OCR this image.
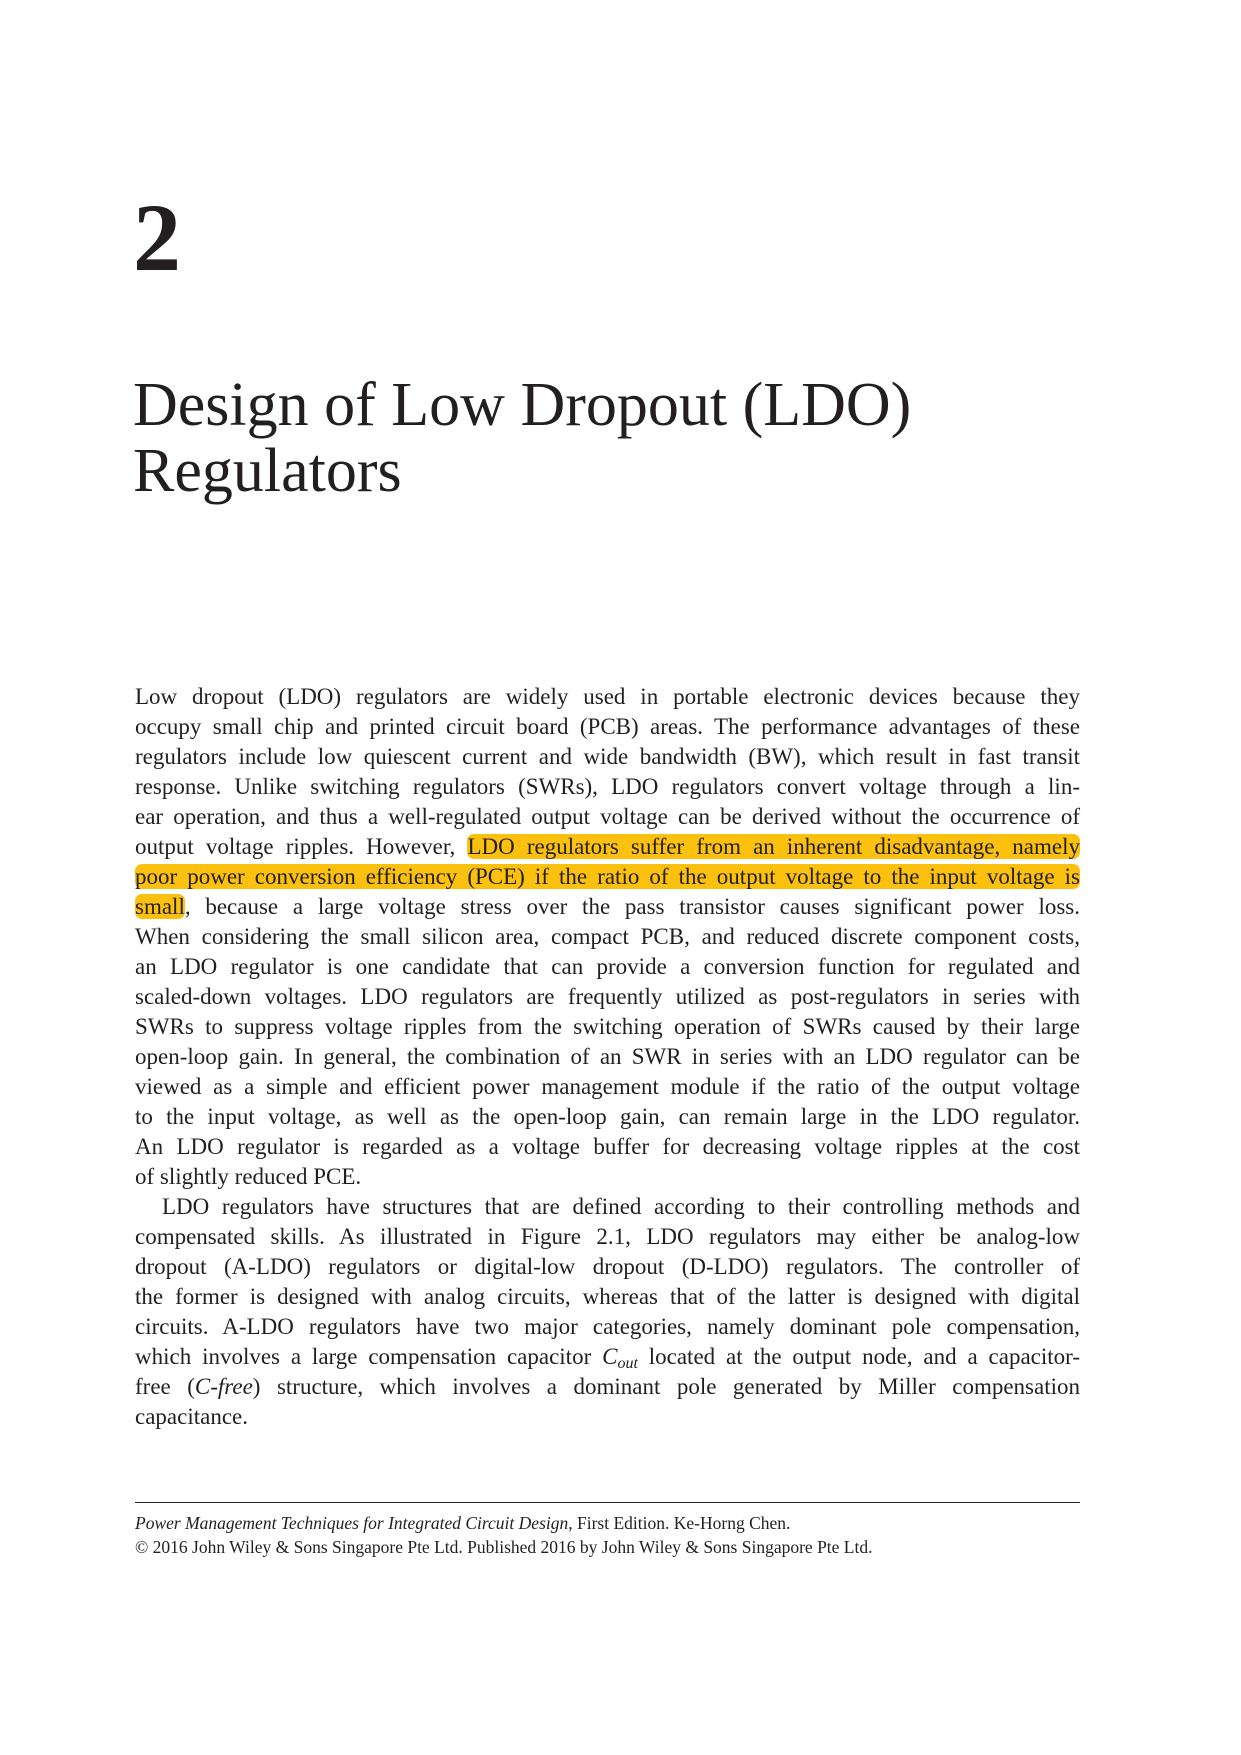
2
Design of Low Dropout (LDO)
Regulators

Low dropout (LDO) regulators are widely used in portable electronic devices because they
occupy small chip and printed circuit board (PCB) areas. The performance advantages of these
regulators include low quiescent current and wide bandwidth (BW), which result in fast transit
response. Unlike switching regulators (SWRs), LDO regulators convert voltage through a lin-
ear operation, and thus a well-regulated output voltage can be derived without the occurrence of
output voltage ripples. However, LDO regulators suffer from an inherent disadvantage, namely
poor power conversion efficiency (PCE) if the ratio of the output voltage to the input voltage is
small, because a large voltage stress over the pass transistor causes significant power loss.
When considering the small silicon area, compact PCB, and reduced discrete component costs,
an LDO regulator is one candidate that can provide a conversion function for regulated and
scaled-down voltages. LDO regulators are frequently utilized as post-regulators in series with
SWRs to suppress voltage ripples from the switching operation of SWRs caused by their large
open-loop gain. In general, the combination of an SWR in series with an LDO regulator can be
viewed as a simple and efficient power management module if the ratio of the output voltage
to the input voltage, as well as the open-loop gain, can remain large in the LDO regulator.
An LDO regulator is regarded as a voltage buffer for decreasing voltage ripples at the cost
of slightly reduced PCE.

LDO regulators have structures that are defined according to their controlling methods and
compensated skills. As illustrated in Figure 2.1, LDO regulators may either be analog-low
dropout (A-LDO) regulators or digital-low dropout (D-LDO) regulators. The controller of
the former is designed with analog circuits, whereas that of the latter is designed with digital
circuits. A-LDO regulators have two major categories, namely dominant pole compensation,
which involves a large compensation capacitor $C_{out}$ located at the output node, and a capacitor-
free (C-free) structure, which involves a dominant pole generated by Miller compensation
capacitance.

Power Management Techniques for Integrated Circuit Design, First Edition. Ke-Horng Chen.
© 2016 John Wiley & Sons Singapore Pte Ltd. Published 2016 by John Wiley & Sons Singapore Pte Ltd.
